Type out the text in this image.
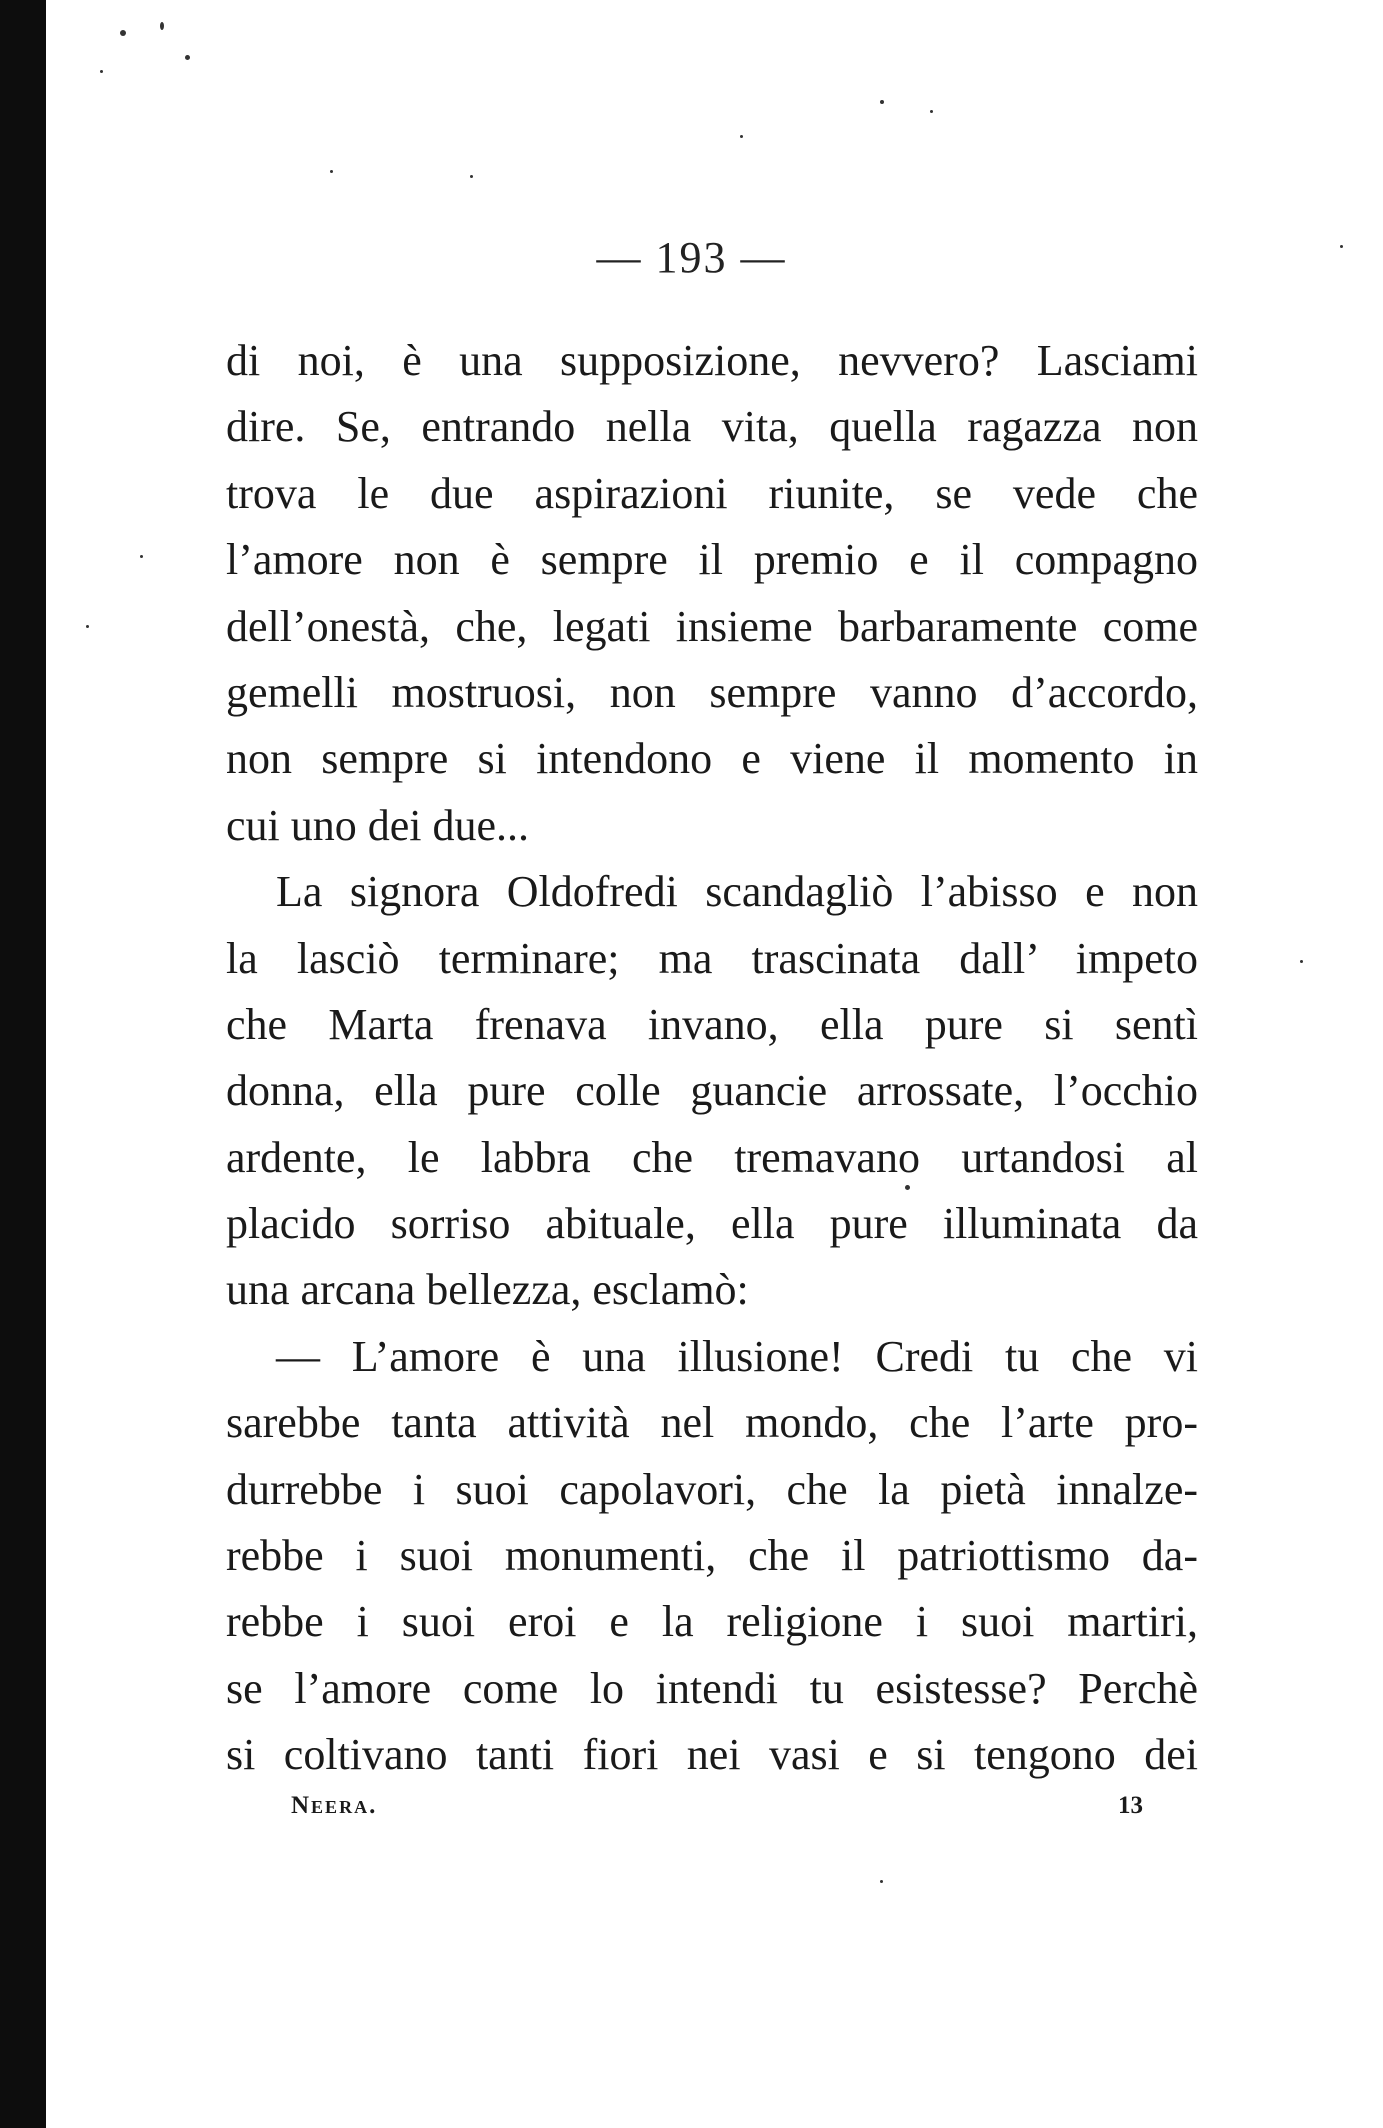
— 193 —
di noi, è una supposizione, nevvero? Lasciami
dire. Se, entrando nella vita, quella ragazza non
trova le due aspirazioni riunite, se vede che
l’amore non è sempre il premio e il compagno
dell’onestà, che, legati insieme barbaramente come
gemelli mostruosi, non sempre vanno d’accordo,
non sempre si intendono e viene il momento in
cui uno dei due...
La signora Oldofredi scandagliò l’abisso e non
la lasciò terminare; ma trascinata dall’ impeto
che Marta frenava invano, ella pure si sentì
donna, ella pure colle guancie arrossate, l’occhio
ardente, le labbra che tremavano urtandosi al
placido sorriso abituale, ella pure illuminata da
una arcana bellezza, esclamò:
— L’amore è una illusione! Credi tu che vi
sarebbe tanta attività nel mondo, che l’arte pro-
durrebbe i suoi capolavori, che la pietà innalze-
rebbe i suoi monumenti, che il patriottismo da-
rebbe i suoi eroi e la religione i suoi martiri,
se l’amore come lo intendi tu esistesse? Perchè
si coltivano tanti fiori nei vasi e si tengono dei
Neera.	13
